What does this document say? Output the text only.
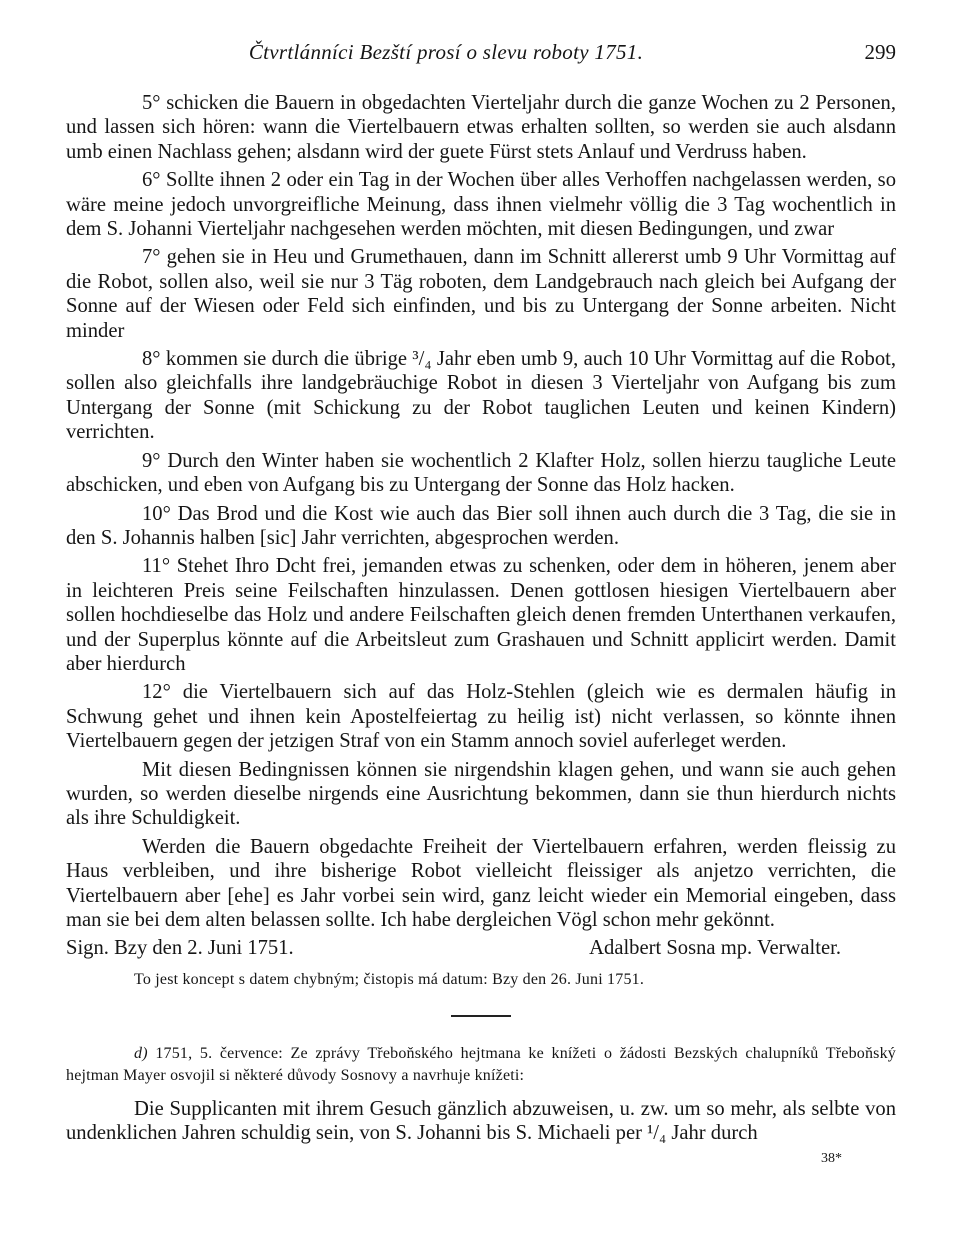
Čtvrtlánníci Bezští prosí o slevu roboty 1751.	299

5° schicken die Bauern in obgedachten Vierteljahr durch die ganze Wochen zu 2 Personen, und lassen sich hören: wann die Viertelbauern etwas erhalten sollten, so werden sie auch alsdann umb einen Nachlass gehen; alsdann wird der guete Fürst stets Anlauf und Verdruss haben.

6° Sollte ihnen 2 oder ein Tag in der Wochen über alles Verhoffen nachgelassen werden, so wäre meine jedoch unvorgreifliche Meinung, dass ihnen vielmehr völlig die 3 Tag wochentlich in dem S. Johanni Vierteljahr nachgesehen werden möchten, mit diesen Bedingungen, und zwar

7° gehen sie in Heu und Grumethauen, dann im Schnitt allererst umb 9 Uhr Vormittag auf die Robot, sollen also, weil sie nur 3 Täg roboten, dem Landgebrauch nach gleich bei Aufgang der Sonne auf der Wiesen oder Feld sich einfinden, und bis zu Untergang der Sonne arbeiten. Nicht minder

8° kommen sie durch die übrige ³/₄ Jahr eben umb 9, auch 10 Uhr Vormittag auf die Robot, sollen also gleichfalls ihre landgebräuchige Robot in diesen 3 Vierteljahr von Aufgang bis zum Untergang der Sonne (mit Schickung zu der Robot tauglichen Leuten und keinen Kindern) verrichten.

9° Durch den Winter haben sie wochentlich 2 Klafter Holz, sollen hierzu taugliche Leute abschicken, und eben von Aufgang bis zu Untergang der Sonne das Holz hacken.

10° Das Brod und die Kost wie auch das Bier soll ihnen auch durch die 3 Tag, die sie in den S. Johannis halben [sic] Jahr verrichten, abgesprochen werden.

11° Stehet Ihro Dcht frei, jemanden etwas zu schenken, oder dem in höheren, jenem aber in leichteren Preis seine Feilschaften hinzulassen. Denen gottlosen hiesigen Viertelbauern aber sollen hochdieselbe das Holz und andere Feilschaften gleich denen fremden Unterthanen verkaufen, und der Superplus könnte auf die Arbeitsleut zum Grashauen und Schnitt applicirt werden. Damit aber hierdurch

12° die Viertelbauern sich auf das Holz-Stehlen (gleich wie es dermalen häufig in Schwung gehet und ihnen kein Apostelfeiertag zu heilig ist) nicht verlassen, so könnte ihnen Viertelbauern gegen der jetzigen Straf von ein Stamm annoch soviel auferleget werden.

Mit diesen Bedingnissen können sie nirgendshin klagen gehen, und wann sie auch gehen wurden, so werden dieselbe nirgends eine Ausrichtung bekommen, dann sie thun hierdurch nichts als ihre Schuldigkeit.

Werden die Bauern obgedachte Freiheit der Viertelbauern erfahren, werden fleissig zu Haus verbleiben, und ihre bisherige Robot vielleicht fleissiger als anjetzo verrichten, die Viertelbauern aber [ehe] es Jahr vorbei sein wird, ganz leicht wieder ein Memorial eingeben, dass man sie bei dem alten belassen sollte. Ich habe dergleichen Vögl schon mehr gekönnt.

Sign. Bzy den 2. Juni 1751.	Adalbert Sosna mp. Verwalter.
To jest koncept s datem chybným; čistopis má datum: Bzy den 26. Juni 1751.

d) 1751, 5. července: Ze zprávy Třeboňského hejtmana ke knížeti o žádosti Bezských chalupníků Třeboňský hejtman Mayer osvojil si některé důvody Sosnovy a navrhuje knížeti:

Die Supplicanten mit ihrem Gesuch gänzlich abzuweisen, u. zw. um so mehr, als selbte von undenklichen Jahren schuldig sein, von S. Johanni bis S. Michaeli per ¹/₄ Jahr durch

38*
